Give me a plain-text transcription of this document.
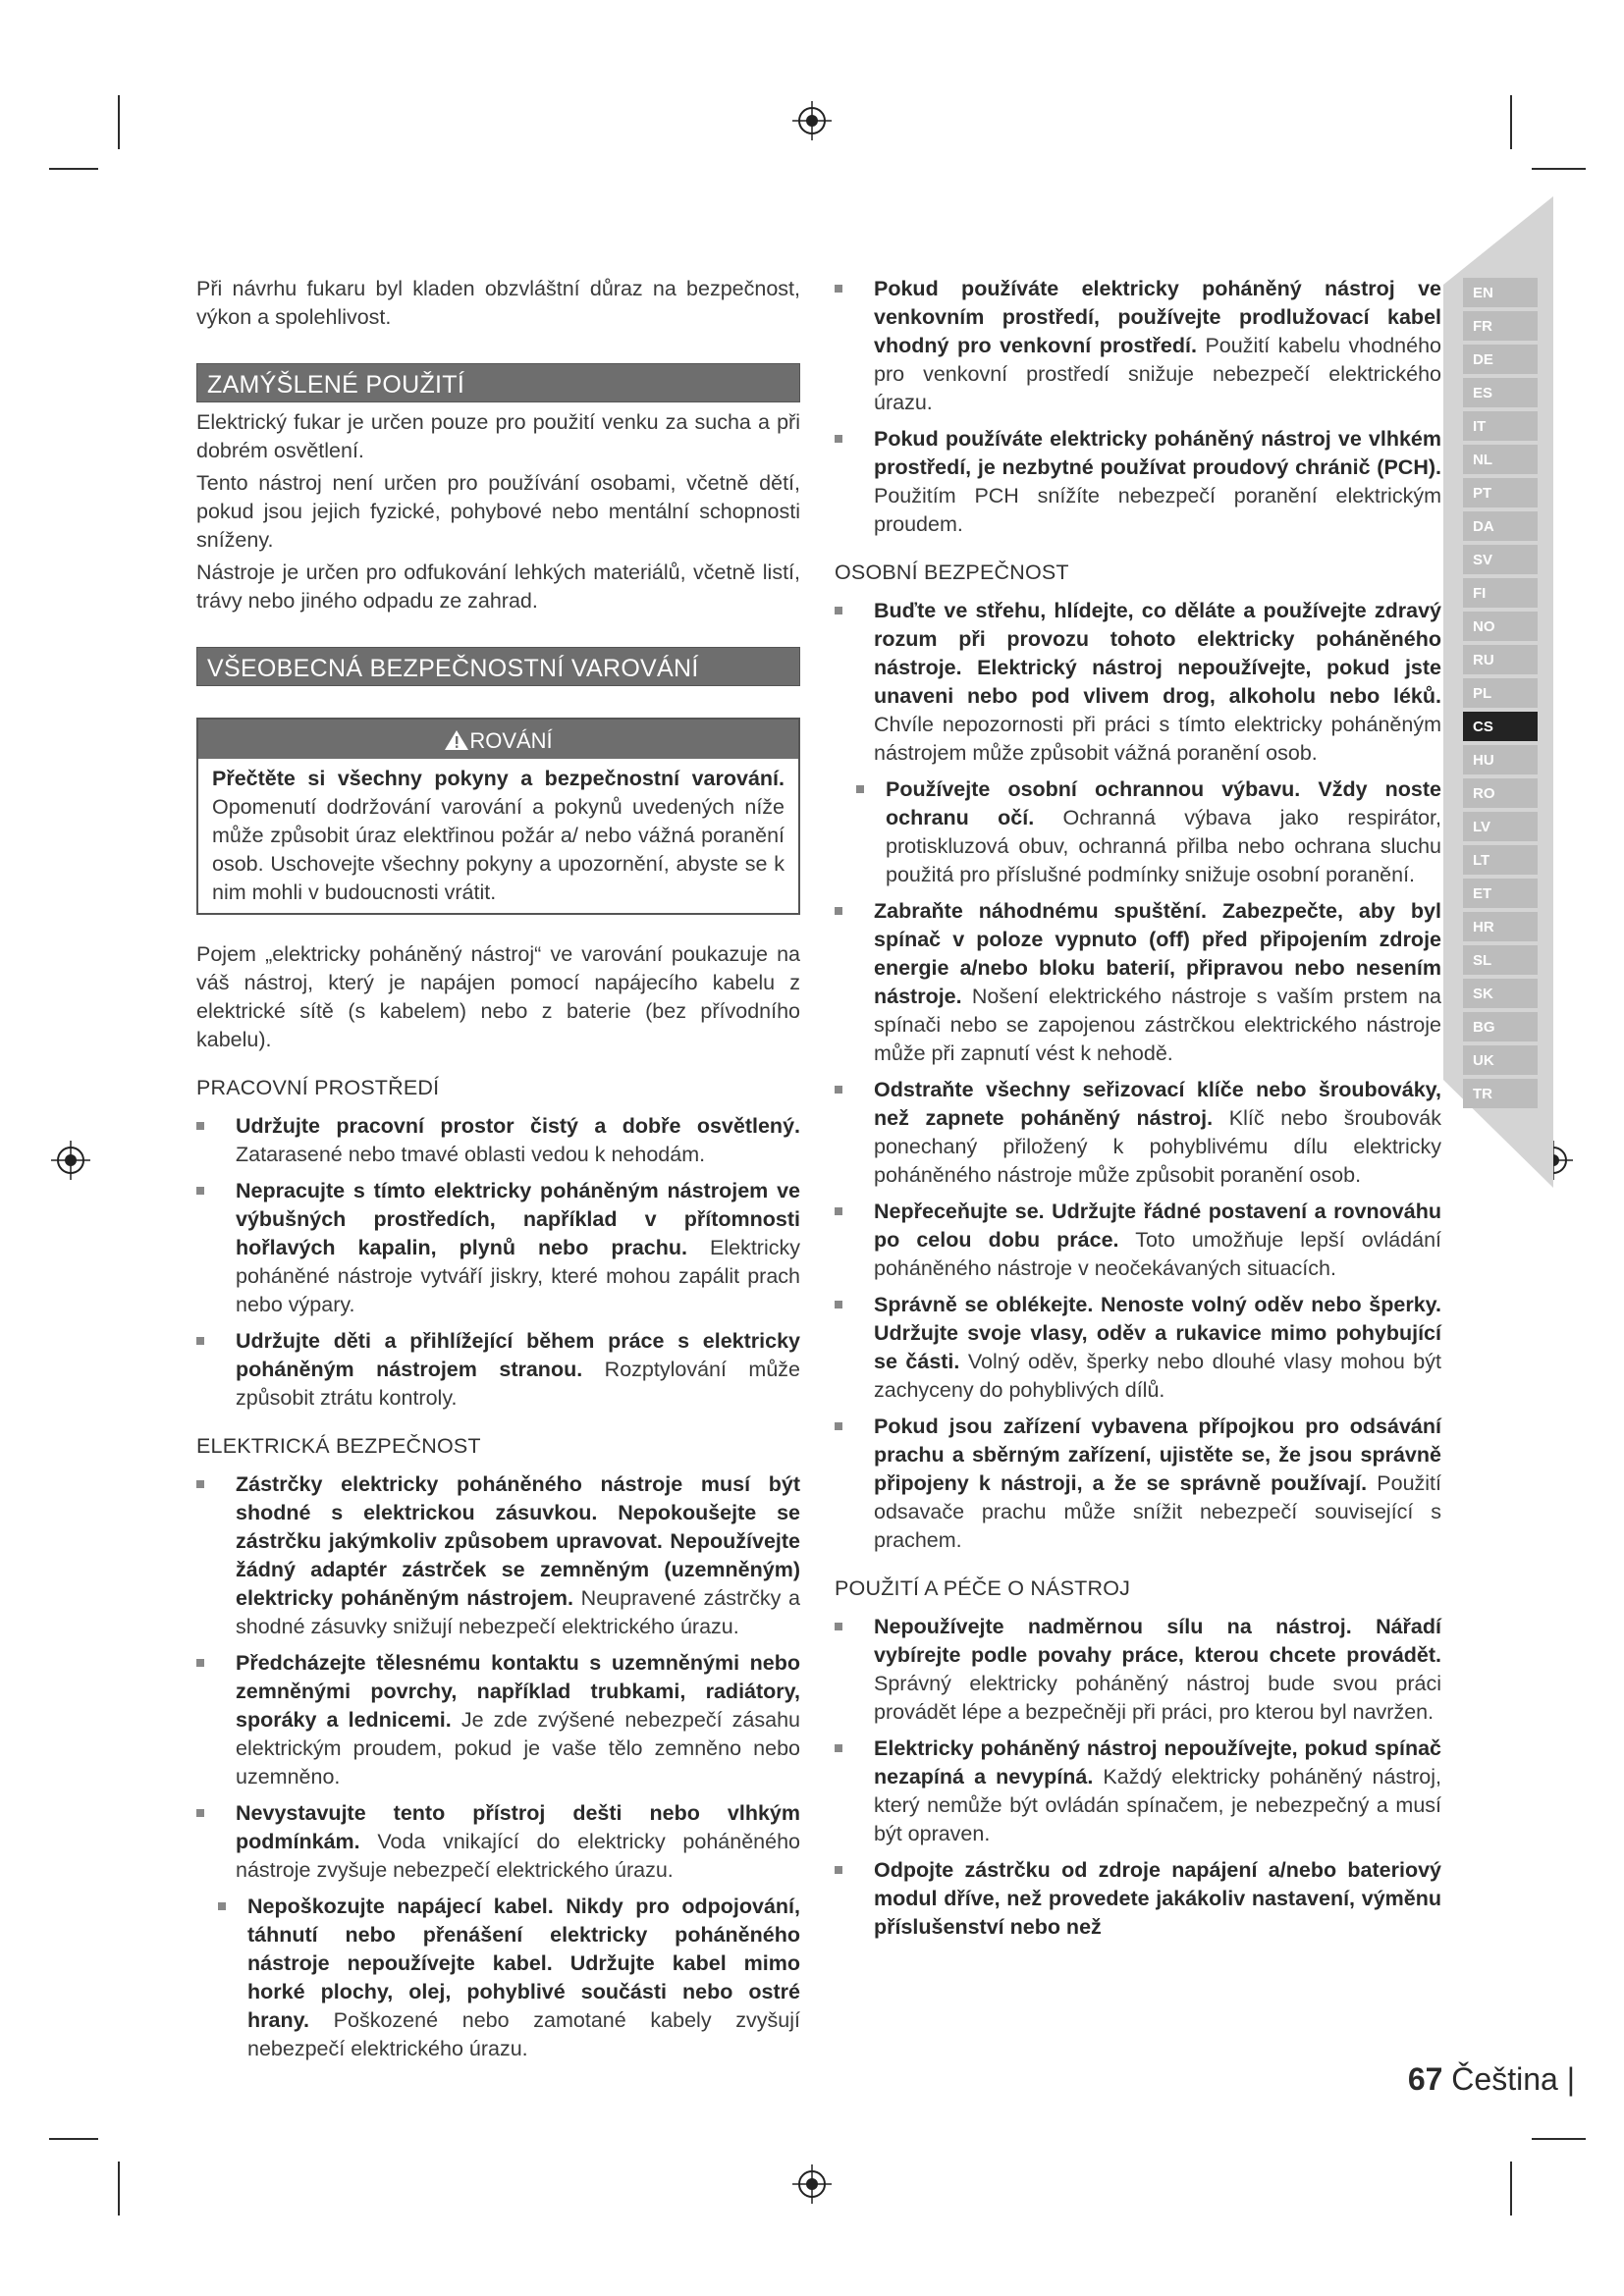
EN
FR
DE
ES
IT
NL
PT
DA
SV
FI
NO
RU
PL
CS
HU
RO
LV
LT
ET
HR
SL
SK
BG
UK
TR

Při návrhu fukaru byl kladen obzvláštní důraz na bezpečnost, výkon a spolehlivost.

ZAMÝŠLENÉ POUŽITÍ

Elektrický fukar je určen pouze pro použití venku za sucha a při dobrém osvětlení.

Tento nástroj není určen pro používání osobami, včetně dětí, pokud jsou jejich fyzické, pohybové nebo mentální schopnosti sníženy.

Nástroje je určen pro odfukování lehkých materiálů, včetně listí, trávy nebo jiného odpadu ze zahrad.

VŠEOBECNÁ BEZPEČNOSTNÍ VAROVÁNÍ
ROVÁNÍ
Přečtěte si všechny pokyny a bezpečnostní varování. Opomenutí dodržování varování a pokynů uvedených níže může způsobit úraz elektřinou požár a/ nebo vážná poranění osob. Uschovejte všechny pokyny a upozornění, abyste se k nim mohli v budoucnosti vrátit.

Pojem „elektricky poháněný nástroj“ ve varování poukazuje na váš nástroj, který je napájen pomocí napájecího kabelu z elektrické sítě (s kabelem) nebo z baterie (bez přívodního kabelu).

PRACOVNÍ PROSTŘEDÍ
Udržujte pracovní prostor čistý a dobře osvětlený. Zatarasené nebo tmavé oblasti vedou k nehodám.
Nepracujte s tímto elektricky poháněným nástrojem ve výbušných prostředích, například v přítomnosti hořlavých kapalin, plynů nebo prachu. Elektricky poháněné nástroje vytváří jiskry, které mohou zapálit prach nebo výpary.
Udržujte děti a přihlížející během práce s elektricky poháněným nástrojem stranou. Rozptylování může způsobit ztrátu kontroly.
ELEKTRICKÁ BEZPEČNOST
Zástrčky elektricky poháněného nástroje musí být shodné s elektrickou zásuvkou. Nepokoušejte se zástrčku jakýmkoliv způsobem upravovat. Nepoužívejte žádný adaptér zástrček se zemněným (uzemněným) elektricky poháněným nástrojem. Neupravené zástrčky a shodné zásuvky snižují nebezpečí elektrického úrazu.
Předcházejte tělesnému kontaktu s uzemněnými nebo zemněnými povrchy, například trubkami, radiátory, sporáky a lednicemi. Je zde zvýšené nebezpečí zásahu elektrickým proudem, pokud je vaše tělo zemněno nebo uzemněno.
Nevystavujte tento přístroj dešti nebo vlhkým podmínkám. Voda vnikající do elektricky poháněného nástroje zvyšuje nebezpečí elektrického úrazu.
Nepoškozujte napájecí kabel. Nikdy pro odpojování, táhnutí nebo přenášení elektricky poháněného nástroje nepoužívejte kabel. Udržujte kabel mimo horké plochy, olej, pohyblivé součásti nebo ostré hrany. Poškozené nebo zamotané kabely zvyšují nebezpečí elektrického úrazu.
Pokud používáte elektricky poháněný nástroj ve venkovním prostředí, používejte prodlužovací kabel vhodný pro venkovní prostředí. Použití kabelu vhodného pro venkovní prostředí snižuje nebezpečí elektrického úrazu.
Pokud používáte elektricky poháněný nástroj ve vlhkém prostředí, je nezbytné používat proudový chránič (PCH). Použitím PCH snížíte nebezpečí poranění elektrickým proudem.
OSOBNÍ BEZPEČNOST
Buďte ve střehu, hlídejte, co děláte a používejte zdravý rozum při provozu tohoto elektricky poháněného nástroje. Elektrický nástroj nepoužívejte, pokud jste unaveni nebo pod vlivem drog, alkoholu nebo léků. Chvíle nepozornosti při práci s tímto elektricky poháněným nástrojem může způsobit vážná poranění osob.
Používejte osobní ochrannou výbavu. Vždy noste ochranu očí. Ochranná výbava jako respirátor, protiskluzová obuv, ochranná přilba nebo ochrana sluchu použitá pro příslušné podmínky snižuje osobní poranění.
Zabraňte náhodnému spuštění. Zabezpečte, aby byl spínač v poloze vypnuto (off) před připojením zdroje energie a/nebo bloku baterií, připravou nebo nesením nástroje. Nošení elektrického nástroje s vaším prstem na spínači nebo se zapojenou zástrčkou elektrického nástroje může při zapnutí vést k nehodě.
Odstraňte všechny seřizovací klíče nebo šroubováky, než zapnete poháněný nástroj. Klíč nebo šroubovák ponechaný přiložený k pohyblivému dílu elektricky poháněného nástroje může způsobit poranění osob.
Nepřeceňujte se. Udržujte řádné postavení a rovnováhu po celou dobu práce. Toto umožňuje lepší ovládání poháněného nástroje v neočekávaných situacích.
Správně se oblékejte. Nenoste volný oděv nebo šperky. Udržujte svoje vlasy, oděv a rukavice mimo pohybující se části. Volný oděv, šperky nebo dlouhé vlasy mohou být zachyceny do pohyblivých dílů.
Pokud jsou zařízení vybavena přípojkou pro odsávání prachu a sběrným zařízení, ujistěte se, že jsou správně připojeny k nástroji, a že se správně používají. Použití odsavače prachu může snížit nebezpečí související s prachem.
POUŽITÍ A PÉČE O NÁSTROJ
Nepoužívejte nadměrnou sílu na nástroj. Nářadí vybírejte podle povahy práce, kterou chcete provádět. Správný elektricky poháněný nástroj bude svou práci provádět lépe a bezpečněji při práci, pro kterou byl navržen.
Elektricky poháněný nástroj nepoužívejte, pokud spínač nezapíná a nevypíná. Každý elektricky poháněný nástroj, který nemůže být ovládán spínačem, je nebezpečný a musí být opraven.
Odpojte zástrčku od zdroje napájení a/nebo bateriový modul dříve, než provedete jakákoliv nastavení, výměnu příslušenství nebo než
67 Čeština |
